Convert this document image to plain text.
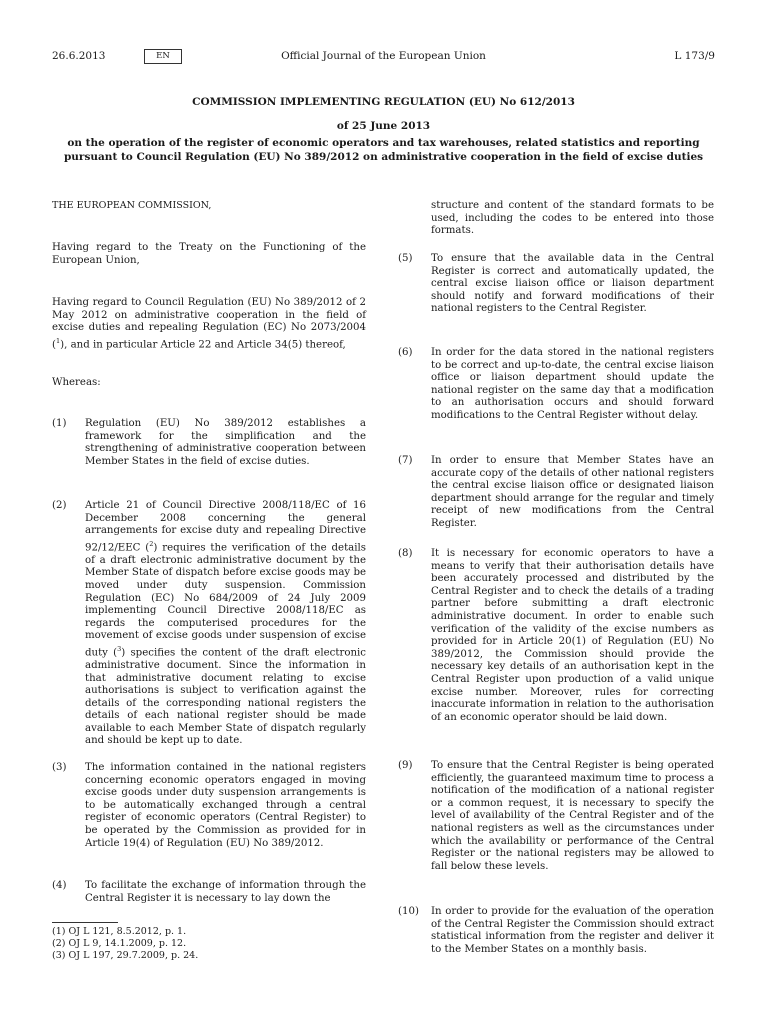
26.6.2013	EN	Official Journal of the European Union	L 173/9
COMMISSION IMPLEMENTING REGULATION (EU) No 612/2013
of 25 June 2013
on the operation of the register of economic operators and tax warehouses, related statistics and reporting pursuant to Council Regulation (EU) No 389/2012 on administrative cooperation in the field of excise duties
THE EUROPEAN COMMISSION,
Having regard to the Treaty on the Functioning of the European Union,
Having regard to Council Regulation (EU) No 389/2012 of 2 May 2012 on administrative cooperation in the field of excise duties and repealing Regulation (EC) No 2073/2004 ($^1$), and in particular Article 22 and Article 34(5) thereof,
Whereas:
(1) Regulation (EU) No 389/2012 establishes a framework for the simplification and the strengthening of administrative cooperation between Member States in the field of excise duties.
(2) Article 21 of Council Directive 2008/118/EC of 16 December 2008 concerning the general arrangements for excise duty and repealing Directive 92/12/EEC ($^2$) requires the verification of the details of a draft electronic administrative document by the Member State of dispatch before excise goods may be moved under duty suspension. Commission Regulation (EC) No 684/2009 of 24 July 2009 implementing Council Directive 2008/118/EC as regards the computerised procedures for the movement of excise goods under suspension of excise duty ($^3$) specifies the content of the draft electronic administrative document. Since the information in that administrative document relating to excise authorisations is subject to verification against the details of the corresponding national registers the details of each national register should be made available to each Member State of dispatch regularly and should be kept up to date.
(3) The information contained in the national registers concerning economic operators engaged in moving excise goods under duty suspension arrangements is to be automatically exchanged through a central register of economic operators (Central Register) to be operated by the Commission as provided for in Article 19(4) of Regulation (EU) No 389/2012.
(4) To facilitate the exchange of information through the Central Register it is necessary to lay down the
(1) OJ L 121, 8.5.2012, p. 1.
(2) OJ L 9, 14.1.2009, p. 12.
(3) OJ L 197, 29.7.2009, p. 24.
structure and content of the standard formats to be used, including the codes to be entered into those formats.
(5) To ensure that the available data in the Central Register is correct and automatically updated, the central excise liaison office or liaison department should notify and forward modifications of their national registers to the Central Register.
(6) In order for the data stored in the national registers to be correct and up-to-date, the central excise liaison office or liaison department should update the national register on the same day that a modification to an authorisation occurs and should forward modifications to the Central Register without delay.
(7) In order to ensure that Member States have an accurate copy of the details of other national registers the central excise liaison office or designated liaison department should arrange for the regular and timely receipt of new modifications from the Central Register.
(8) It is necessary for economic operators to have a means to verify that their authorisation details have been accurately processed and distributed by the Central Register and to check the details of a trading partner before submitting a draft electronic administrative document. In order to enable such verification of the validity of the excise numbers as provided for in Article 20(1) of Regulation (EU) No 389/2012, the Commission should provide the necessary key details of an authorisation kept in the Central Register upon production of a valid unique excise number. Moreover, rules for correcting inaccurate information in relation to the authorisation of an economic operator should be laid down.
(9) To ensure that the Central Register is being operated efficiently, the guaranteed maximum time to process a notification of the modification of a national register or a common request, it is necessary to specify the level of availability of the Central Register and of the national registers as well as the circumstances under which the availability or performance of the Central Register or the national registers may be allowed to fall below these levels.
(10) In order to provide for the evaluation of the operation of the Central Register the Commission should extract statistical information from the register and deliver it to the Member States on a monthly basis.
